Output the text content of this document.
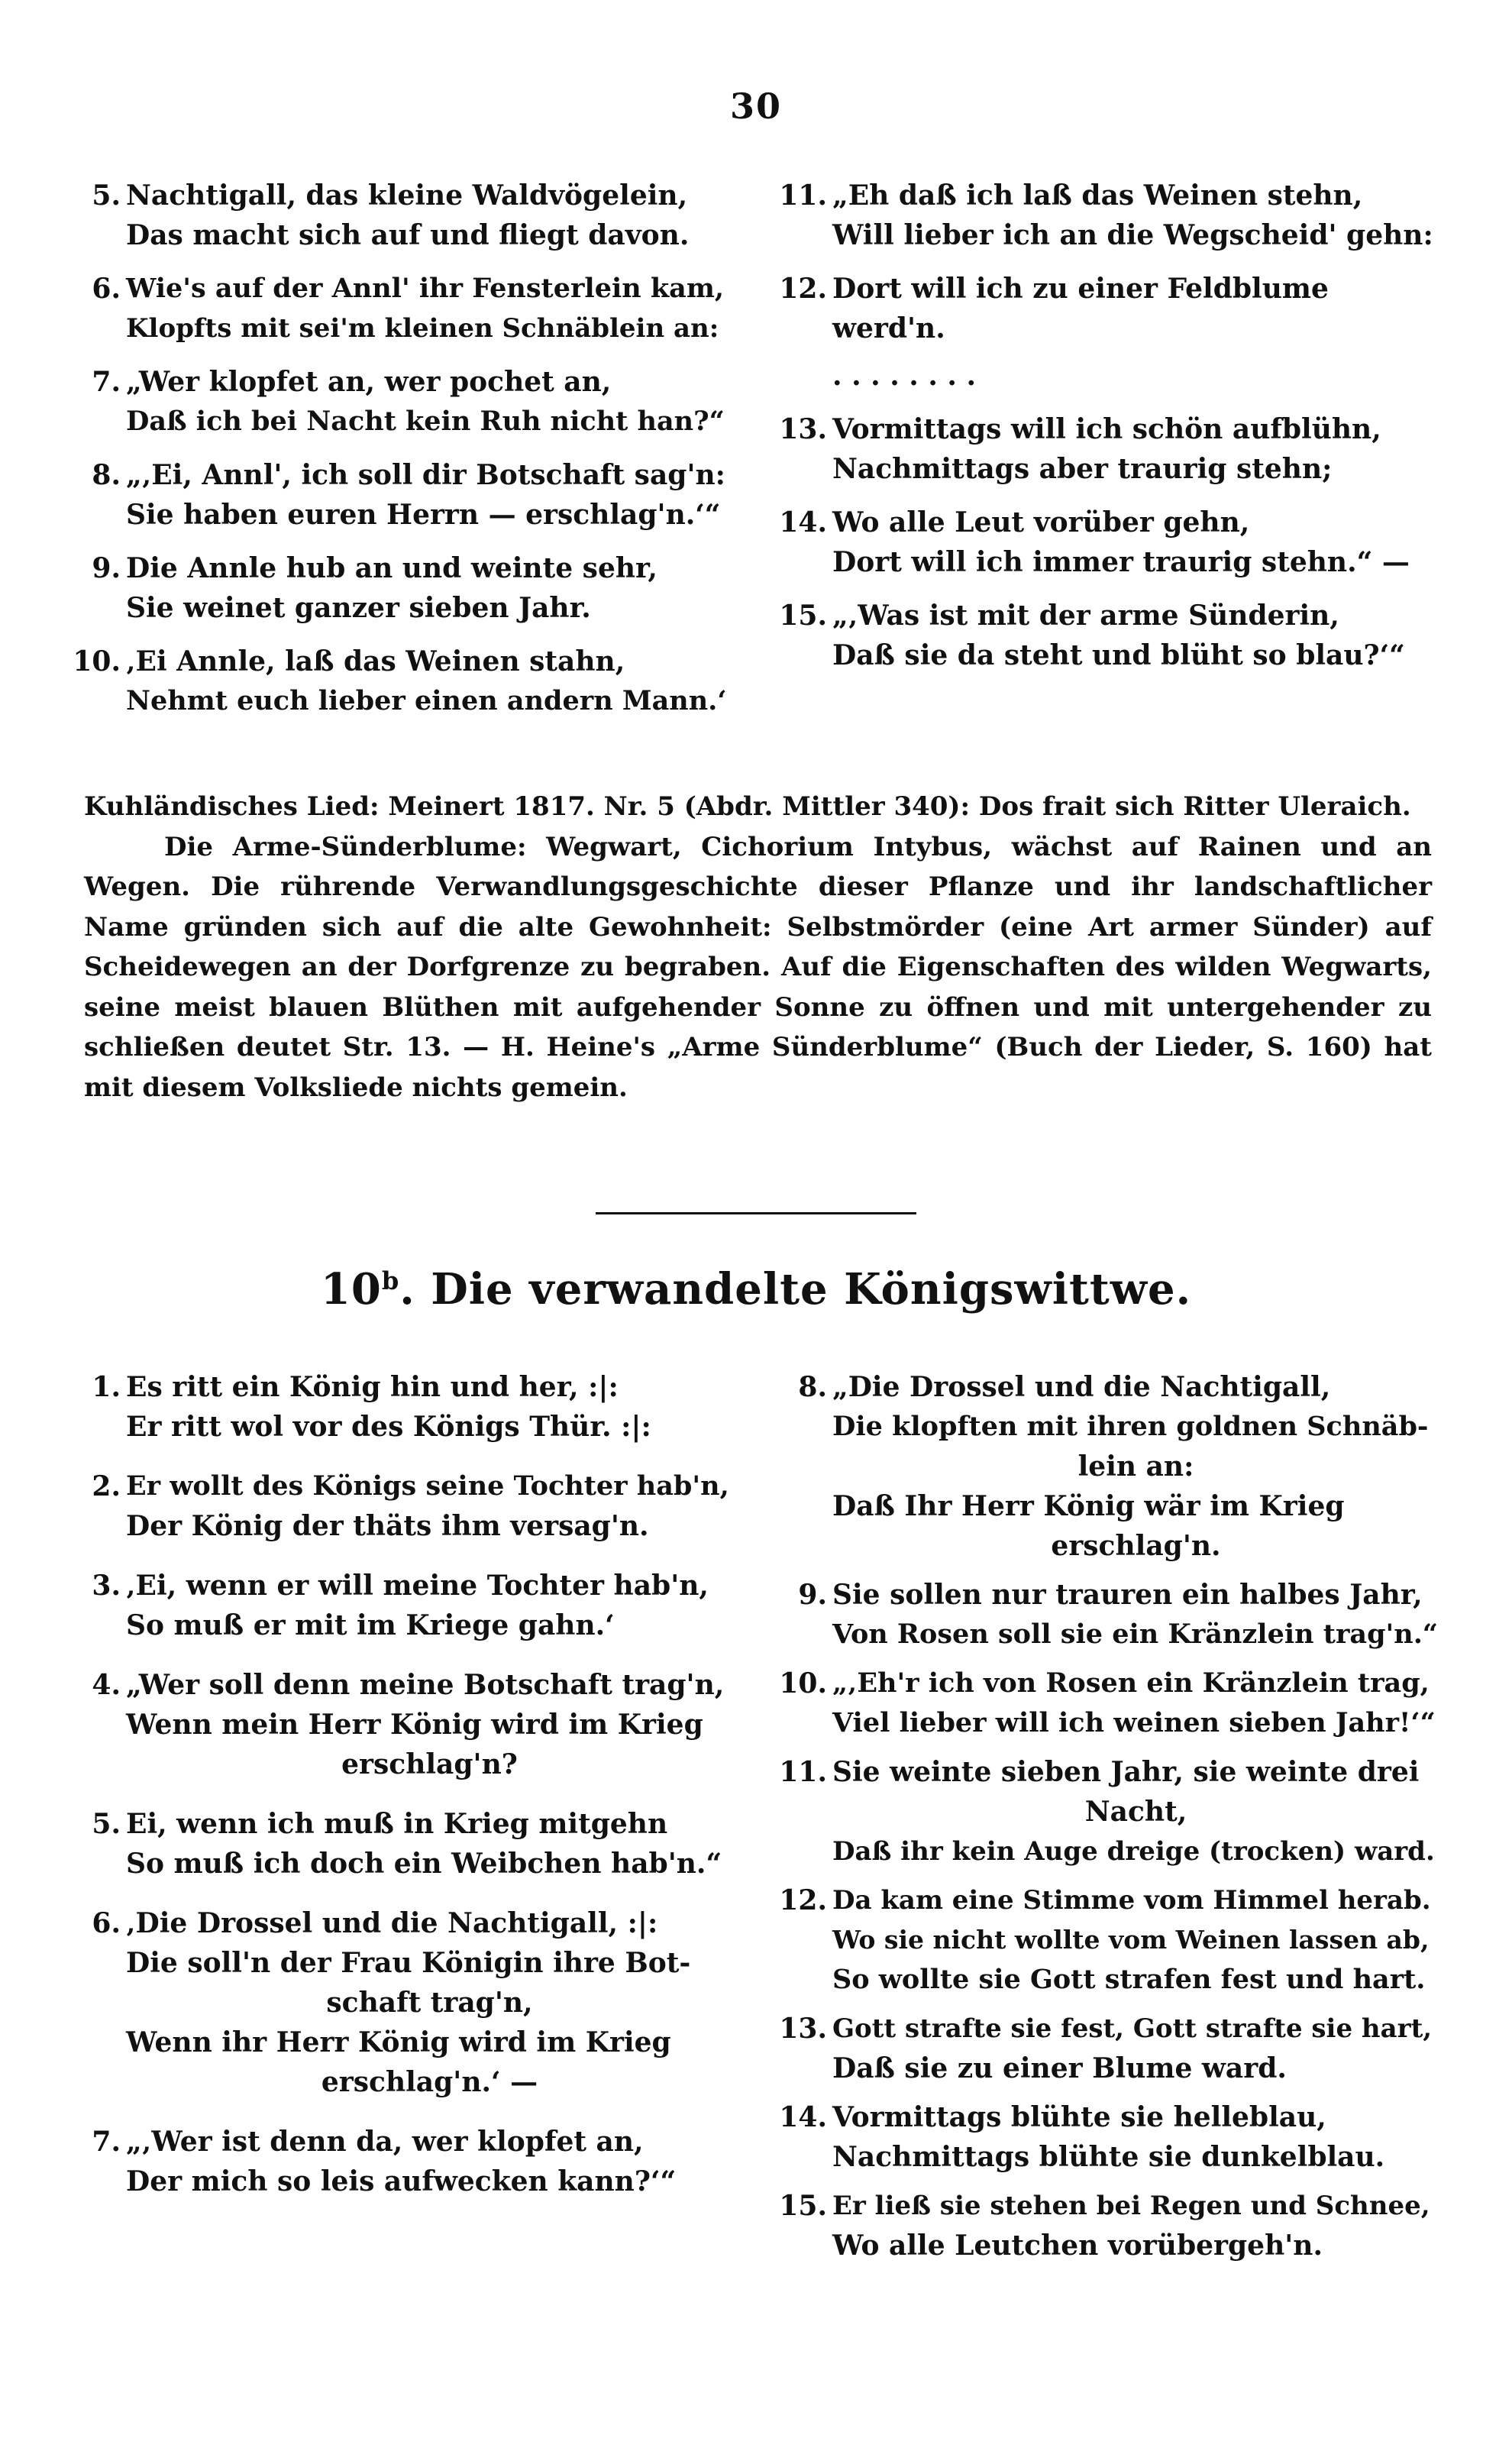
30
5. Nachtigall, das kleine Waldvögelein,
Das macht sich auf und fliegt davon.
6. Wie's auf der Annl' ihr Fensterlein kam,
Klopfts mit sei'm kleinen Schnäblein an:
7. „Wer klopfet an, wer pochet an,
Daß ich bei Nacht kein Ruh nicht han?“
8. „‚Ei, Annl', ich soll dir Botschaft sag'n:
Sie haben euren Herrn — erschlag'n.‘“
9. Die Annle hub an und weinte sehr,
Sie weinet ganzer sieben Jahr.
10. ‚Ei Annle, laß das Weinen stahn,
Nehmt euch lieber einen andern Mann.‘
11. „Eh daß ich laß das Weinen stehn,
Will lieber ich an die Wegscheid' gehn:
12. Dort will ich zu einer Feldblume
werd'n.
. . . . . . . .
13. Vormittags will ich schön aufblühn,
Nachmittags aber traurig stehn;
14. Wo alle Leut vorüber gehn,
Dort will ich immer traurig stehn.“ —
15. „‚Was ist mit der arme Sünderin,
Daß sie da steht und blüht so blau?‘“

Kuhländisches Lied: Meinert 1817. Nr. 5 (Abdr. Mittler 340): Dos frait sich Ritter Uleraich.

Die Arme-Sünderblume: Wegwart, Cichorium Intybus, wächst auf Rainen und an Wegen. Die rührende Verwandlungsgeschichte dieser Pflanze und ihr landschaftlicher Name gründen sich auf die alte Gewohnheit: Selbstmörder (eine Art armer Sünder) auf Scheidewegen an der Dorfgrenze zu begraben. Auf die Eigenschaften des wilden Wegwarts, seine meist blauen Blüthen mit aufgehender Sonne zu öffnen und mit untergehender zu schließen deutet Str. 13. — H. Heine's „Arme Sünderblume“ (Buch der Lieder, S. 160) hat mit diesem Volksliede nichts gemein.

10$^b$. Die verwandelte Königswittwe.
1. Es ritt ein König hin und her, :|:
Er ritt wol vor des Königs Thür. :|:
2. Er wollt des Königs seine Tochter hab'n,
Der König der thäts ihm versag'n.
3. ‚Ei, wenn er will meine Tochter hab'n,
So muß er mit im Kriege gahn.‘
4. „Wer soll denn meine Botschaft trag'n,
Wenn mein Herr König wird im Krieg
erschlag'n?
5. Ei, wenn ich muß in Krieg mitgehn
So muß ich doch ein Weibchen hab'n.“
6. ‚Die Drossel und die Nachtigall, :|:
Die soll'n der Frau Königin ihre Bot-
schaft trag'n,
Wenn ihr Herr König wird im Krieg
erschlag'n.‘ —
7. „‚Wer ist denn da, wer klopfet an,
Der mich so leis aufwecken kann?‘“
8. „Die Drossel und die Nachtigall,
Die klopften mit ihren goldnen Schnäb-
lein an:
Daß Ihr Herr König wär im Krieg
erschlag'n.
9. Sie sollen nur trauren ein halbes Jahr,
Von Rosen soll sie ein Kränzlein trag'n.“
10. „‚Eh'r ich von Rosen ein Kränzlein trag,
Viel lieber will ich weinen sieben Jahr!‘“
11. Sie weinte sieben Jahr, sie weinte drei
Nacht,
Daß ihr kein Auge dreige (trocken) ward.
12. Da kam eine Stimme vom Himmel herab.
Wo sie nicht wollte vom Weinen lassen ab,
So wollte sie Gott strafen fest und hart.
13. Gott strafte sie fest, Gott strafte sie hart,
Daß sie zu einer Blume ward.
14. Vormittags blühte sie helleblau,
Nachmittags blühte sie dunkelblau.
15. Er ließ sie stehen bei Regen und Schnee,
Wo alle Leutchen vorübergeh'n.
